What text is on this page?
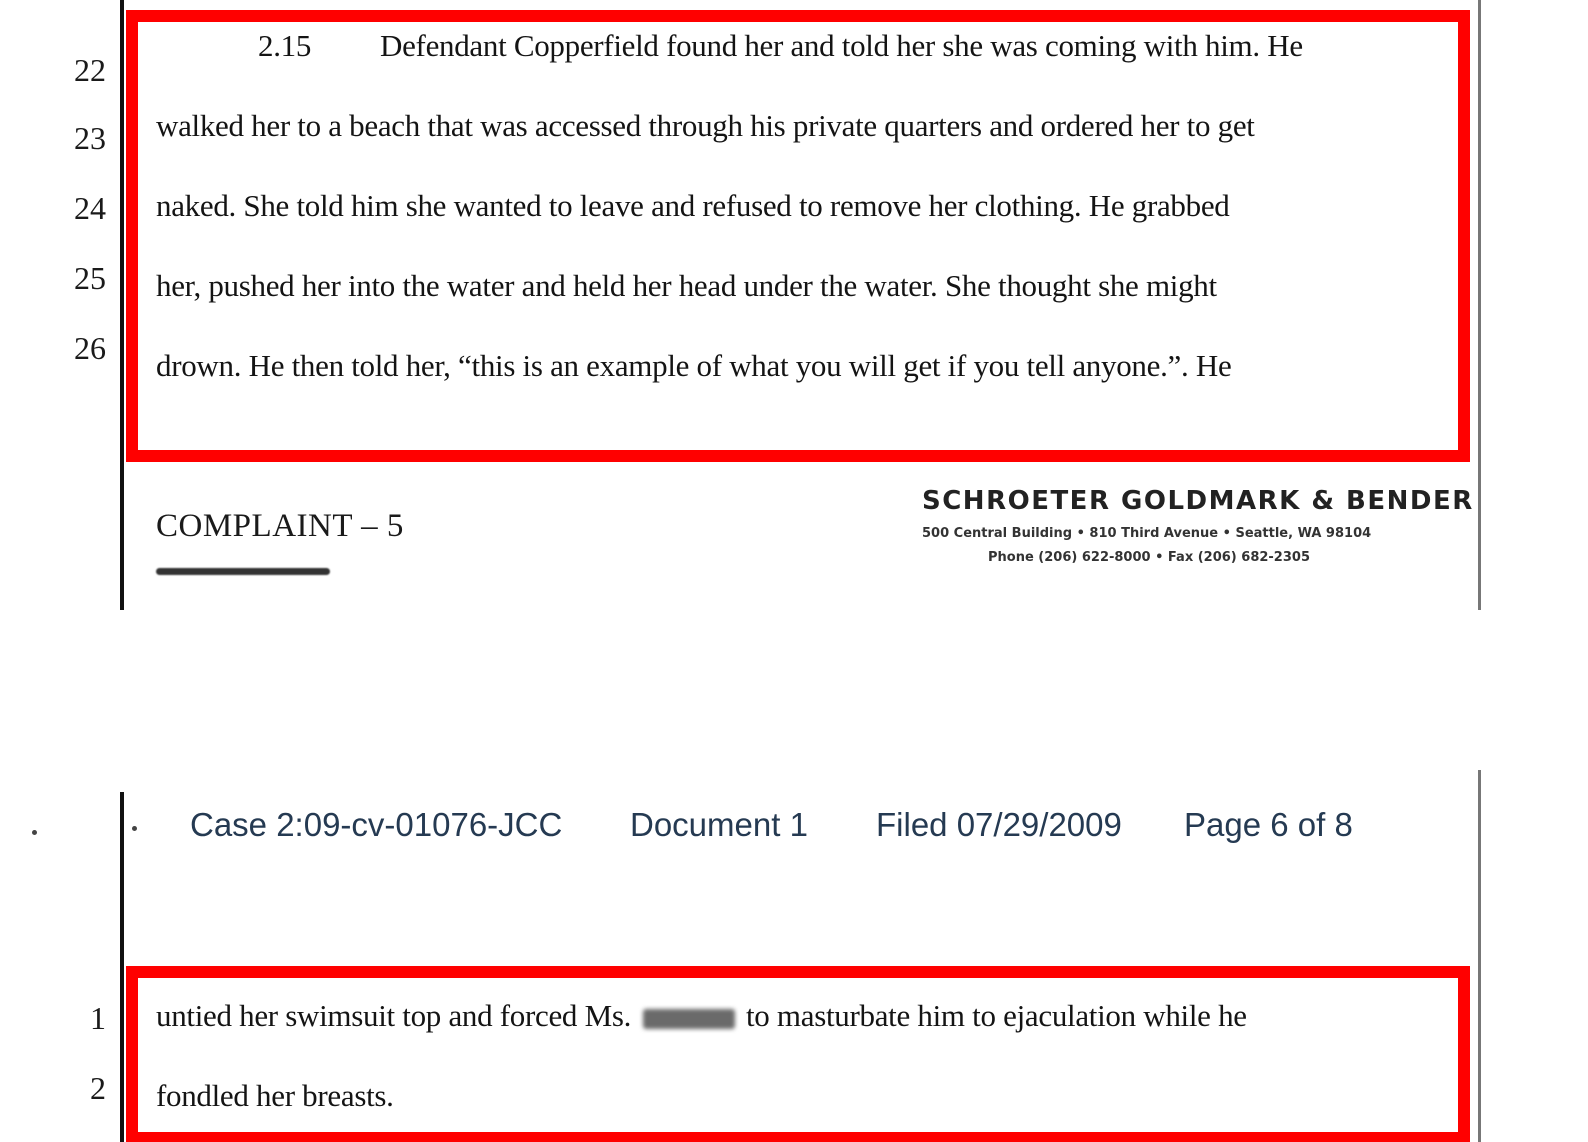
22
23
24
25
26
2.15 Defendant Copperfield found her and told her she was coming with him. He
walked her to a beach that was accessed through his private quarters and ordered her to get
naked. She told him she wanted to leave and refused to remove her clothing. He grabbed
her, pushed her into the water and held her head under the water. She thought she might
drown. He then told her, “this is an example of what you will get if you tell anyone.”. He
COMPLAINT – 5
SCHROETER GOLDMARK & BENDER
500 Central Building • 810 Third Avenue • Seattle, WA 98104
Phone (206) 622-8000 • Fax (206) 682-2305
Case 2:09-cv-01076-JCC Document 1 Filed 07/29/2009 Page 6 of 8
1
2
untied her swimsuit top and forced Ms.	to masturbate him to ejaculation while he
fondled her breasts.
